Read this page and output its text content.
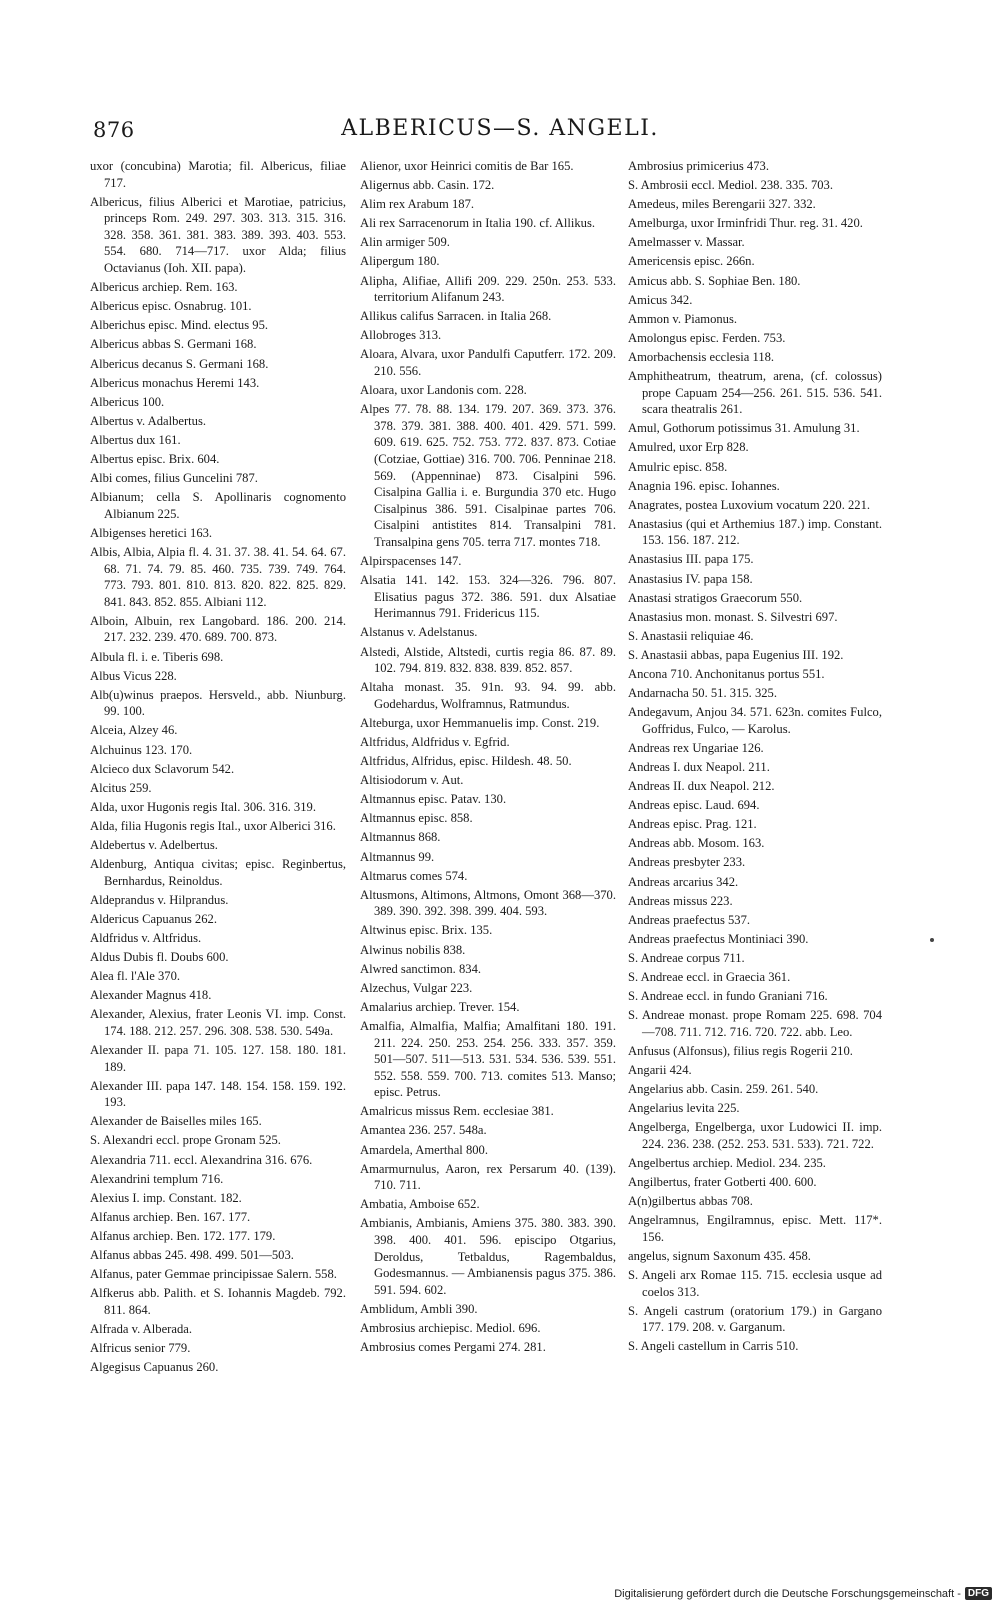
876	ALBERICUS—S. ANGELI.
uxor (concubina) Marotia; fil. Albericus, filiae 717.
Albericus, filius Alberici et Marotiae, patricius, princeps Rom. 249. 297. 303. 313. 315. 316. 328. 358. 361. 381. 383. 389. 393. 403. 553. 554. 680. 714—717. uxor Alda; filius Octavianus (Ioh. XII. papa).
Albericus archiep. Rem. 163.
Albericus episc. Osnabrug. 101.
Alberichus episc. Mind. electus 95.
Albericus abbas S. Germani 168.
Albericus decanus S. Germani 168.
Albericus monachus Heremi 143.
Albericus 100.
Albertus v. Adalbertus.
Albertus dux 161.
Albertus episc. Brix. 604.
Albi comes, filius Guncelini 787.
Albianum; cella S. Apollinaris cognomento Albianum 225.
Albigenses heretici 163.
Albis, Albia, Alpia fl. 4. 31. 37. 38. 41. 54. 64. 67. 68. 71. 74. 79. 85. 460. 735. 739. 749. 764. 773. 793. 801. 810. 813. 820. 822. 825. 829. 841. 843. 852. 855. Albiani 112.
Alboin, Albuin, rex Langobard. 186. 200. 214. 217. 232. 239. 470. 689. 700. 873.
Albula fl. i. e. Tiberis 698.
Albus Vicus 228.
Alb(u)winus praepos. Hersveld., abb. Niunburg. 99. 100.
Alceia, Alzey 46.
Alchuinus 123. 170.
Alcieco dux Sclavorum 542.
Alcitus 259.
Alda, uxor Hugonis regis Ital. 306. 316. 319.
Alda, filia Hugonis regis Ital., uxor Alberici 316.
Aldebertus v. Adelbertus.
Aldenburg, Antiqua civitas; episc. Reginbertus, Bernhardus, Reinoldus.
Aldeprandus v. Hilprandus.
Aldericus Capuanus 262.
Aldfridus v. Altfridus.
Aldus Dubis fl. Doubs 600.
Alea fl. l'Ale 370.
Alexander Magnus 418.
Alexander, Alexius, frater Leonis VI. imp. Const. 174. 188. 212. 257. 296. 308. 538. 530. 549a.
Alexander II. papa 71. 105. 127. 158. 180. 181. 189.
Alexander III. papa 147. 148. 154. 158. 159. 192. 193.
Alexander de Baiselles miles 165.
S. Alexandri eccl. prope Gronam 525.
Alexandria 711. eccl. Alexandrina 316. 676.
Alexandrini templum 716.
Alexius I. imp. Constant. 182.
Alfanus archiep. Ben. 167. 177.
Alfanus archiep. Ben. 172. 177. 179.
Alfanus abbas 245. 498. 499. 501—503.
Alfanus, pater Gemmae principissae Salern. 558.
Alfkerus abb. Palith. et S. Iohannis Magdeb. 792. 811. 864.
Alfrada v. Alberada.
Alfricus senior 779.
Algegisus Capuanus 260.
Alienor, uxor Heinrici comitis de Bar 165.
Aligernus abb. Casin. 172.
Alim rex Arabum 187.
Ali rex Sarracenorum in Italia 190. cf. Allikus.
Alin armiger 509.
Alipergum 180.
Alipha, Alifiae, Allifi 209. 229. 250n. 253. 533. territorium Alifanum 243.
Allikus califus Sarracen. in Italia 268.
Allobroges 313.
Aloara, Alvara, uxor Pandulfi Caputferr. 172. 209. 210. 556.
Aloara, uxor Landonis com. 228.
Alpes 77. 78. 88. 134. 179. 207. 369. 373. 376. 378. 379. 381. 388. 400. 401. 429. 571. 599. 609. 619. 625. 752. 753. 772. 837. 873. Cotiae (Cotziae, Gottiae) 316. 700. 706. Penninae 218. 569. (Appenninae) 873. Cisalpini 596. Cisalpina Gallia i. e. Burgundia 370 etc. Hugo Cisalpinus 386. 591. Cisalpinae partes 706. Cisalpini antistites 814. Transalpini 781. Transalpina gens 705. terra 717. montes 718.
Alpirspacenses 147.
Alsatia 141. 142. 153. 324—326. 796. 807. Elisatius pagus 372. 386. 591. dux Alsatiae Herimannus 791. Fridericus 115.
Alstanus v. Adelstanus.
Alstedi, Alstide, Altstedi, curtis regia 86. 87. 89. 102. 794. 819. 832. 838. 839. 852. 857.
Altaha monast. 35. 91n. 93. 94. 99. abb. Godehardus, Wolframnus, Ratmundus.
Alteburga, uxor Hemmanuelis imp. Const. 219.
Altfridus, Aldfridus v. Egfrid.
Altfridus, Alfridus, episc. Hildesh. 48. 50.
Altisiodorum v. Aut.
Altmannus episc. Patav. 130.
Altmannus episc. 858.
Altmannus 868.
Altmannus 99.
Altmarus comes 574.
Altusmons, Altimons, Altmons, Omont 368—370. 389. 390. 392. 398. 399. 404. 593.
Altwinus episc. Brix. 135.
Alwinus nobilis 838.
Alwred sanctimon. 834.
Alzechus, Vulgar 223.
Amalarius archiep. Trever. 154.
Amalfia, Almalfia, Malfia; Amalfitani 180. 191. 211. 224. 250. 253. 254. 256. 333. 357. 359. 501—507. 511—513. 531. 534. 536. 539. 551. 552. 558. 559. 700. 713. comites 513. Manso; episc. Petrus.
Amalricus missus Rem. ecclesiae 381.
Amantea 236. 257. 548a.
Amardela, Amerthal 800.
Amarmurnulus, Aaron, rex Persarum 40. (139). 710. 711.
Ambatia, Amboise 652.
Ambianis, Ambianis, Amiens 375. 380. 383. 390. 398. 400. 401. 596. episcipo Otgarius, Deroldus, Tetbaldus, Ragembaldus, Godesmannus. — Ambianensis pagus 375. 386. 591. 594. 602.
Amblidum, Ambli 390.
Ambrosius archiepisc. Mediol. 696.
Ambrosius comes Pergami 274. 281.
Ambrosius primicerius 473.
S. Ambrosii eccl. Mediol. 238. 335. 703.
Amedeus, miles Berengarii 327. 332.
Amelburga, uxor Irminfridi Thur. reg. 31. 420.
Amelmasser v. Massar.
Americensis episc. 266n.
Amicus abb. S. Sophiae Ben. 180.
Amicus 342.
Ammon v. Piamonus.
Amolongus episc. Ferden. 753.
Amorbachensis ecclesia 118.
Amphitheatrum, theatrum, arena, (cf. colossus) prope Capuam 254—256. 261. 515. 536. 541. scara theatralis 261.
Amul, Gothorum potissimus 31. Amulung 31.
Amulred, uxor Erp 828.
Amulric episc. 858.
Anagnia 196. episc. Iohannes.
Anagrates, postea Luxovium vocatum 220. 221.
Anastasius (qui et Arthemius 187.) imp. Constant. 153. 156. 187. 212.
Anastasius III. papa 175.
Anastasius IV. papa 158.
Anastasi stratigos Graecorum 550.
Anastasius mon. monast. S. Silvestri 697.
S. Anastasii reliquiae 46.
S. Anastasii abbas, papa Eugenius III. 192.
Ancona 710. Anchonitanus portus 551.
Andarnacha 50. 51. 315. 325.
Andegavum, Anjou 34. 571. 623n. comites Fulco, Goffridus, Fulco, — Karolus.
Andreas rex Ungariae 126.
Andreas I. dux Neapol. 211.
Andreas II. dux Neapol. 212.
Andreas episc. Laud. 694.
Andreas episc. Prag. 121.
Andreas abb. Mosom. 163.
Andreas presbyter 233.
Andreas arcarius 342.
Andreas missus 223.
Andreas praefectus 537.
Andreas praefectus Montiniaci 390.
S. Andreae corpus 711.
S. Andreae eccl. in Graecia 361.
S. Andreae eccl. in fundo Graniani 716.
S. Andreae monast. prope Romam 225. 698. 704—708. 711. 712. 716. 720. 722. abb. Leo.
Anfusus (Alfonsus), filius regis Rogerii 210.
Angarii 424.
Angelarius abb. Casin. 259. 261. 540.
Angelarius levita 225.
Angelberga, Engelberga, uxor Ludowici II. imp. 224. 236. 238. (252. 253. 531. 533). 721. 722.
Angelbertus archiep. Mediol. 234. 235.
Angilbertus, frater Gotberti 400. 600.
A(n)gilbertus abbas 708.
Angelramnus, Engilramnus, episc. Mett. 117*. 156.
angelus, signum Saxonum 435. 458.
S. Angeli arx Romae 115. 715. ecclesia usque ad coelos 313.
S. Angeli castrum (oratorium 179.) in Gargano 177. 179. 208. v. Garganum.
S. Angeli castellum in Carris 510.
Digitalisierung gefördert durch die Deutsche Forschungsgemeinschaft - DFG
